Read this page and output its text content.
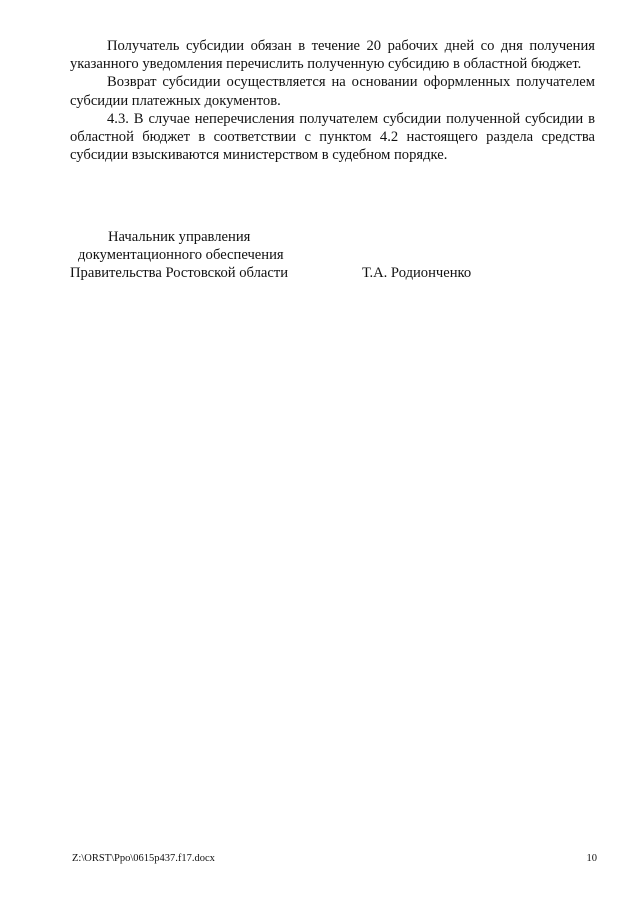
Получатель субсидии обязан в течение 20 рабочих дней со дня получения указанного уведомления перечислить полученную субсидию в областной бюджет.

Возврат субсидии осуществляется на основании оформленных получателем субсидии платежных документов.

4.3. В случае неперечисления получателем субсидии полученной субсидии в областной бюджет в соответствии с пунктом 4.2 настоящего раздела средства субсидии взыскиваются министерством в судебном порядке.

Начальник управления
документационного обеспечения
Правительства Ростовской области	Т.А. Родионченко
Z:\ORST\Ppo\0615p437.f17.docx	10
